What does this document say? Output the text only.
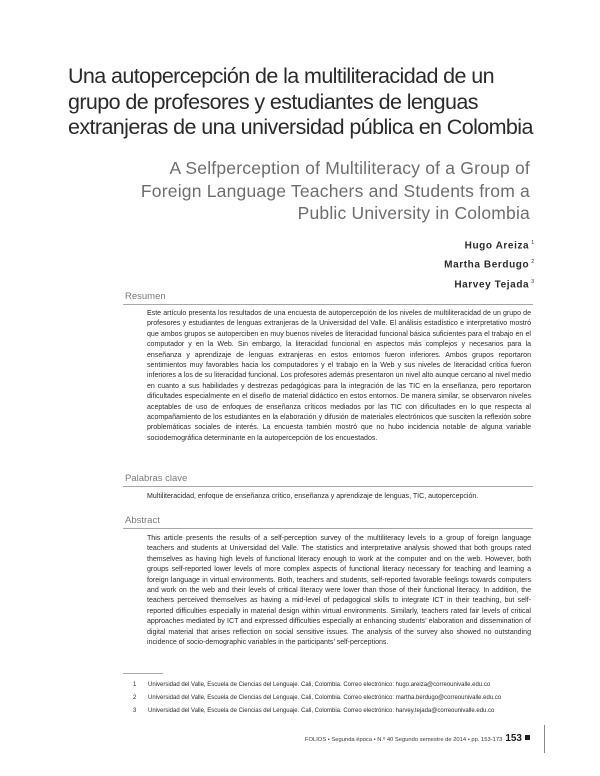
Una autopercepción de la multiliteracidad de un grupo de profesores y estudiantes de lenguas extranjeras de una universidad pública en Colombia
A Selfperception of Multiliteracy of a Group of Foreign Language Teachers and Students from a Public University in Colombia
Hugo Areiza $^1$
Martha Berdugo $^2$
Harvey Tejada $^3$
Resumen
Este artículo presenta los resultados de una encuesta de autopercepción de los niveles de multiliteracidad de un grupo de profesores y estudiantes de lenguas extranjeras de la Universidad del Valle. El análisis estadístico e interpretativo mostró que ambos grupos se autoperciben en muy buenos niveles de literacidad funcional básica suficientes para el trabajo en el computador y en la Web. Sin embargo, la literacidad funcional en aspectos más complejos y necesarios para la enseñanza y aprendizaje de lenguas extranjeras en estos entornos fueron inferiores. Ambos grupos reportaron sentimientos muy favorables hacia los computadores y el trabajo en la Web y sus niveles de literacidad crítica fueron inferiores a los de su literacidad funcional. Los profesores además presentaron un nivel alto aunque cercano al nivel medio en cuanto a sus habilidades y destrezas pedagógicas para la integración de las TIC en la enseñanza, pero reportaron dificultades especialmente en el diseño de material didáctico en estos entornos. De manera similar, se observaron niveles aceptables de uso de enfoques de enseñanza críticos mediados por las TIC con dificultades en lo que respecta al acompañamiento de los estudiantes en la elaboración y difusión de materiales electrónicos que susciten la reflexión sobre problemáticas sociales de interés. La encuesta también mostró que no hubo incidencia notable de alguna variable sociodemográfica determinante en la autopercepción de los encuestados.
Palabras clave
Multiliteracidad, enfoque de enseñanza crítico, enseñanza y aprendizaje de lenguas, TIC, autopercepción.
Abstract
This article presents the results of a self-perception survey of the multiliteracy levels to a group of foreign language teachers and students at Universidad del Valle. The statistics and interpretative analysis showed that both groups rated themselves as having high levels of functional literacy enough to work at the computer and on the web. However, both groups self-reported lower levels of more complex aspects of functional literacy necessary for teaching and learning a foreign language in virtual environments. Both, teachers and students, self-reported favorable feelings towards computers and work on the web and their levels of critical literacy were lower than those of their functional literacy. In addition, the teachers perceived themselves as having a mid-level of pedagogical skills to integrate ICT in their teaching, but self-reported difficulties especially in material design within virtual environments. Similarly, teachers rated fair levels of critical approaches mediated by ICT and expressed difficulties especially at enhancing students’ elaboration and dissemination of digital material that arises reflection on social sensitive issues. The analysis of the survey also showed no outstanding incidence of socio-demographic variables in the participants’ self-perceptions.
1	Universidad del Valle, Escuela de Ciencias del Lenguaje. Cali, Colombia. Correo electrónico: hugo.areiza@correounivalle.edu.co
2	Universidad del Valle, Escuela de Ciencias del Lenguaje. Cali, Colombia. Correo electrónico: martha.berdugo@correounivalle.edu.co
3	Universidad del Valle, Escuela de Ciencias del Lenguaje. Cali, Colombia. Correo electrónico: harvey.tejada@correounivalle.edu.co
FOLIOS • Segunda época • N.º 40 Segundo semestre de 2014 • pp. 153-173 153
